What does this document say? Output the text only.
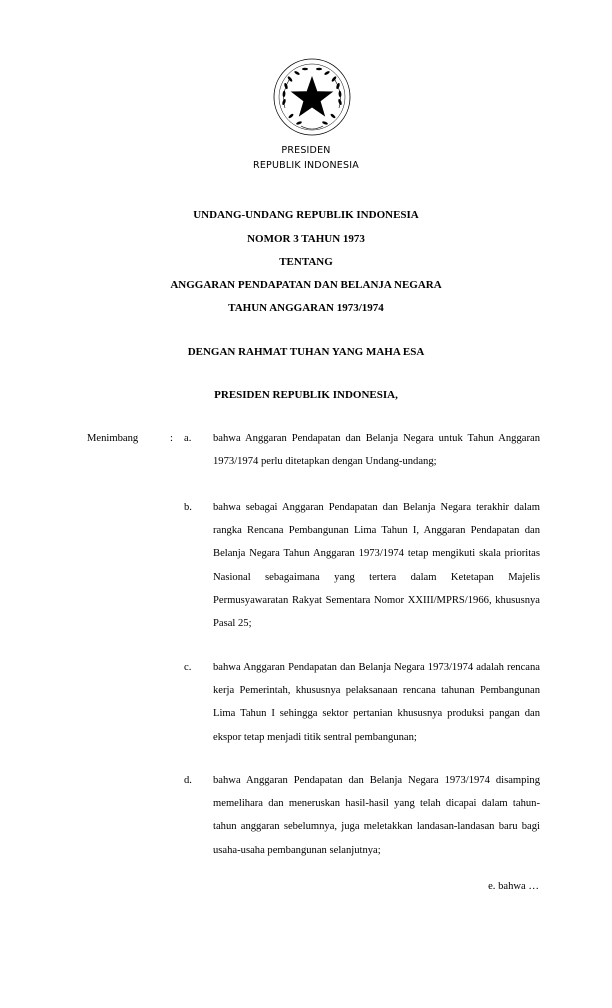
PRESIDEN
REPUBLIK INDONESIA
UNDANG-UNDANG REPUBLIK INDONESIA
NOMOR 3 TAHUN 1973
TENTANG
ANGGARAN PENDAPATAN DAN BELANJA NEGARA
TAHUN ANGGARAN 1973/1974
DENGAN RAHMAT TUHAN YANG MAHA ESA
PRESIDEN REPUBLIK INDONESIA,
Menimbang	: a. bahwa Anggaran Pendapatan dan Belanja Negara untuk Tahun Anggaran 1973/1974 perlu ditetapkan dengan Undang-undang;
b. bahwa sebagai Anggaran Pendapatan dan Belanja Negara terakhir dalam rangka Rencana Pembangunan Lima Tahun I, Anggaran Pendapatan dan Belanja Negara Tahun Anggaran 1973/1974 tetap mengikuti skala prioritas Nasional sebagaimana yang tertera dalam Ketetapan Majelis Permusyawaratan Rakyat Sementara Nomor XXIII/MPRS/1966, khususnya Pasal 25;
c. bahwa Anggaran Pendapatan dan Belanja Negara 1973/1974 adalah rencana kerja Pemerintah, khususnya pelaksanaan rencana tahunan Pembangunan Lima Tahun I sehingga sektor pertanian khususnya produksi pangan dan ekspor tetap menjadi titik sentral pembangunan;
d. bahwa Anggaran Pendapatan dan Belanja Negara 1973/1974 disamping memelihara dan meneruskan hasil-hasil yang telah dicapai dalam tahun-tahun anggaran sebelumnya, juga meletakkan landasan-landasan baru bagi usaha-usaha pembangunan selanjutnya;
e. bahwa …
